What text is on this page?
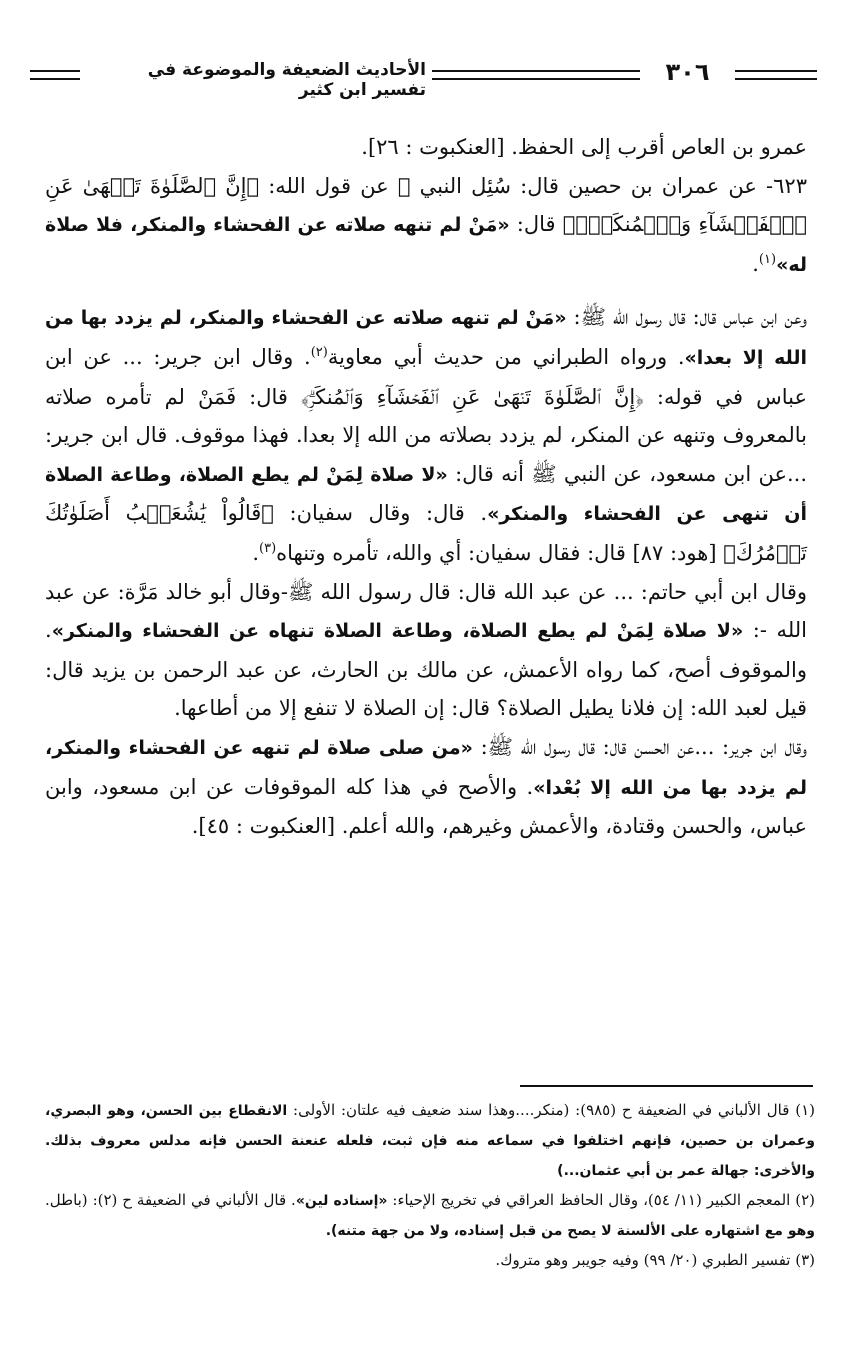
الأحاديث الضعيفة والموضوعة في تفسير ابن كثير
٣٠٦

عمرو بن العاص أقرب إلى الحفظ. [العنكبوت : ٢٦].

٦٢٣- عن عمران بن حصين قال: سُئِل النبي ﷺ عن قول الله: ﴿إِنَّ ٱلصَّلَوٰةَ تَنۡهَىٰ عَنِ ٱلۡفَحۡشَآءِ وَٱلۡمُنكَرِۗ﴾ قال: «مَنْ لم تنهه صلاته عن الفحشاء والمنكر، فلا صلاة له»$^{(١)}$.

وعن ابن عباس قال: قال رسول الله ﷺ: «مَنْ لم تنهه صلاته عن الفحشاء والمنكر، لم يزدد بها من الله إلا بعدا». ورواه الطبراني من حديث أبي معاوية$^{(٢)}$. وقال ابن جرير: ... عن ابن عباس في قوله: ﴿إِنَّ ٱلصَّلَوٰةَ تَنۡهَىٰ عَنِ ٱلۡفَحۡشَآءِ وَٱلۡمُنكَرِۗ﴾ قال: فَمَنْ لم تأمره صلاته بالمعروف وتنهه عن المنكر، لم يزدد بصلاته من الله إلا بعدا. فهذا موقوف. قال ابن جرير: ...عن ابن مسعود، عن النبي ﷺ أنه قال: «لا صلاة لِمَنْ لم يطع الصلاة، وطاعة الصلاة أن تنهى عن الفحشاء والمنكر». قال: وقال سفيان: ﴿قَالُواْ يَٰشُعَيۡبُ أَصَلَوٰتُكَ تَأۡمُرُكَ﴾ [هود: ٨٧] قال: فقال سفيان: أي والله، تأمره وتنهاه$^{(٣)}$.

وقال ابن أبي حاتم: ... عن عبد الله قال: قال رسول الله ﷺ-وقال أبو خالد مَرَّة: عن عبد الله -: «لا صلاة لِمَنْ لم يطع الصلاة، وطاعة الصلاة تنهاه عن الفحشاء والمنكر». والموقوف أصح، كما رواه الأعمش، عن مالك بن الحارث، عن عبد الرحمن بن يزيد قال: قيل لعبد الله: إن فلانا يطيل الصلاة؟ قال: إن الصلاة لا تنفع إلا من أطاعها.

وقال ابن جرير: ...عن الحسن قال: قال رسول الله ﷺ: «من صلى صلاة لم تنهه عن الفحشاء والمنكر، لم يزدد بها من الله إلا بُعْدا». والأصح في هذا كله الموقوفات عن ابن مسعود، وابن عباس، والحسن وقتادة، والأعمش وغيرهم، والله أعلم. [العنكبوت : ٤٥].

(١) قال الألباني في الضعيفة ح (٩٨٥): (منكر....وهذا سند ضعيف فيه علتان: الأولى: الانقطاع بين الحسن، وهو البصري، وعمران بن حصين، فإنهم اختلفوا في سماعه منه فإن ثبت، فلعله عنعنة الحسن فإنه مدلس معروف بذلك. والأخرى: جهالة عمر بن أبي عثمان...)

(٢) المعجم الكبير (١١/ ٥٤)، وقال الحافظ العراقي في تخريج الإحياء: «إسناده لين». قال الألباني في الضعيفة ح (٢): (باطل. وهو مع اشتهاره على الألسنة لا يصح من قبل إسناده، ولا من جهة متنه).

(٣) تفسير الطبري (٢٠/ ٩٩) وفيه جويبر وهو متروك.
